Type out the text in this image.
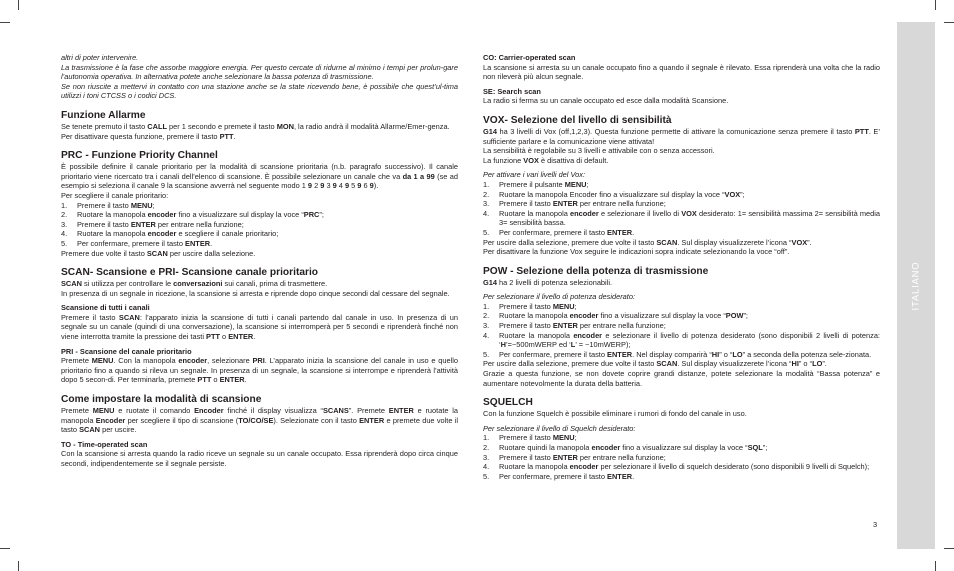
altri di poter intervenire.

La trasmissione è la fase che assorbe maggiore energia. Per questo cercate di ridurne al minimo i tempi per prolun-gare l’autonomia operativa. In alternativa potete anche selezionare la bassa potenza di trasmissione.

Se non riuscite a mettervi in contatto con una stazione anche se la state ricevendo bene, è possibile che quest’ul-tima utilizzi i toni CTCSS o i codici DCS.

Funzione Allarme

Se tenete premuto il tasto CALL per 1 secondo e premete il tasto MON, la radio andrà il modalità Allarme/Emer-genza.

Per disattivare questa funzione, premere il tasto PTT.

PRC - Funzione Priority Channel

È possibile definire il canale prioritario per la modalità di scansione prioritaria (n.b. paragrafo successivo). Il canale prioritario viene ricercato tra i canali dell’elenco di scansione. È possibile selezionare un canale che va da 1 a 99 (se ad esempio si seleziona il canale 9 la scansione avverrà nel seguente modo 1 9 2 9 3 9 4 9 5 9 6 9).

Per scegliere il canale prioritario:

1. Premere il tasto MENU;
2. Ruotare la manopola encoder fino a visualizzare sul display la voce “PRC”;
3. Premere il tasto ENTER per entrare nella funzione;
4. Ruotare la manopola encoder e scegliere il canale prioritario;
5. Per confermare, premere il tasto ENTER.

Premere due volte il tasto SCAN per uscire dalla selezione.

SCAN- Scansione e PRI- Scansione canale prioritario

SCAN si utilizza per controllare le conversazioni sui canali, prima di trasmettere.

In presenza di un segnale in ricezione, la scansione si arresta e riprende dopo cinque secondi dal cessare del segnale.

Scansione di tutti i canali

Premere il tasto SCAN: l’apparato inizia la scansione di tutti i canali partendo dal canale in uso. In presenza di un segnale su un canale (quindi di una conversazione), la scansione si interromperà per 5 secondi e riprenderà finché non viene interrotta tramite la pressione dei tasti PTT o ENTER.

PRI - Scansione del canale prioritario

Premete MENU. Con la manopola encoder, selezionare PRI. L’apparato inizia la scansione del canale in uso e quello prioritario fino a quando si rileva un segnale. In presenza di un segnale, la scansione si interrompe e riprenderà l’attività dopo 5 secon-di. Per terminarla, premete PTT o ENTER.

Come impostare la modalità di scansione

Premete MENU e ruotate il comando Encoder finché il display visualizza “SCANS”. Premete ENTER e ruotate la manopola Encoder per scegliere il tipo di scansione (TO/CO/SE). Selezionate con il tasto ENTER e premete due volte il tasto SCAN per uscire.

TO - Time-operated scan

Con la scansione si arresta quando la radio riceve un segnale su un canale occupato. Essa riprenderà dopo circa cinque secondi, indipendentemente se il segnale persiste.

CO: Carrier-operated scan

La scansione si arresta su un canale occupato fino a quando il segnale è rilevato. Essa riprenderà una volta che la radio non rileverà più alcun segnale.

SE: Search scan

La radio si ferma su un canale occupato ed esce dalla modalità Scansione.

VOX- Selezione del livello di sensibilità

G14 ha 3 livelli di Vox (off,1,2,3). Questa funzione permette di attivare la comunicazione senza premere il tasto PTT. E’ sufficiente parlare e la comunicazione viene attivata!

La sensibilità è regolabile su 3 livelli e attivabile con o senza accessori.

La funzione VOX è disattiva di default.

Per attivare i vari livelli del Vox:

1. Premere il pulsante MENU;
2. Ruotare la manopola Encoder fino a visualizzare sul display la voce “VOX”;
3. Premere il tasto ENTER per entrare nella funzione;
4. Ruotare la manopola encoder e selezionare il livello di VOX desiderato: 1= sensibilità massima 2= sensibilità media 3= sensibilità bassa.
5. Per confermare, premere il tasto ENTER.

Per uscire dalla selezione, premere due volte il tasto SCAN. Sul display visualizzerete l’icona “VOX”.

Per disattivare la funzione Vox seguire le indicazioni sopra indicate selezionando la voce “off”.

POW - Selezione della potenza di trasmissione

G14 ha 2 livelli di potenza selezionabili.

Per selezionare il livello di potenza desiderato:

1. Premere il tasto MENU;
2. Ruotare la manopola encoder fino a visualizzare sul display la voce “POW”;
3. Premere il tasto ENTER per entrare nella funzione;
4. Ruotare la manopola encoder e selezionare il livello di potenza desiderato (sono disponibili 2 livelli di potenza: ‘H’=~500mWERP ed ‘L’ = ~10mWERP);
5. Per confermare, premere il tasto ENTER. Nel display comparirà “HI” o “LO” a seconda della potenza sele-zionata.

Per uscire dalla selezione, premere due volte il tasto SCAN. Sul display visualizzerete l’icona “HI” o “LO”.

Grazie a questa funzione, se non dovete coprire grandi distanze, potete selezionare la modalità “Bassa potenza” e aumentare notevolmente la durata della batteria.

SQUELCH

Con la funzione Squelch è possibile eliminare i rumori di fondo del canale in uso.

Per selezionare il livello di Squelch desiderato:

1. Premere il tasto MENU;
2. Ruotare quindi la manopola encoder fino a visualizzare sul display la voce “SQL”;
3. Premere il tasto ENTER per entrare nella funzione;
4. Ruotare la manopola encoder per selezionare il livello di squelch desiderato (sono disponibili 9 livelli di Squelch);
5. Per confermare, premere il tasto ENTER.
3
ITALIANO
